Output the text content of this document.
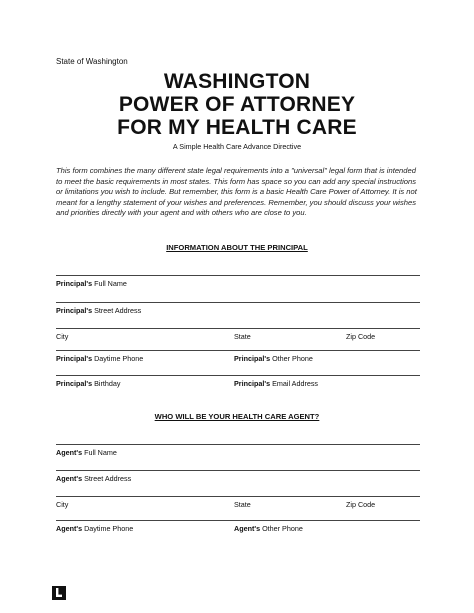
State of Washington
WASHINGTON
POWER OF ATTORNEY
FOR MY HEALTH CARE
A Simple Health Care Advance Directive

This form combines the many different state legal requirements into a "universal" legal form that is intended to meet the basic requirements in most states. This form has space so you can add any special instructions or limitations you wish to include. But remember, this form is a basic Health Care Power of Attorney. It is not meant for a lengthy statement of your wishes and preferences. Remember, you should discuss your wishes and priorities directly with your agent and with others who are close to you.

INFORMATION ABOUT THE PRINCIPAL
Principal's Full Name
Principal's Street Address
City	State	Zip Code
Principal's Daytime Phone	Principal's Other Phone
Principal's Birthday	Principal's Email Address
WHO WILL BE YOUR HEALTH CARE AGENT?
Agent's Full Name
Agent's Street Address
City	State	Zip Code
Agent's Daytime Phone	Agent's Other Phone
